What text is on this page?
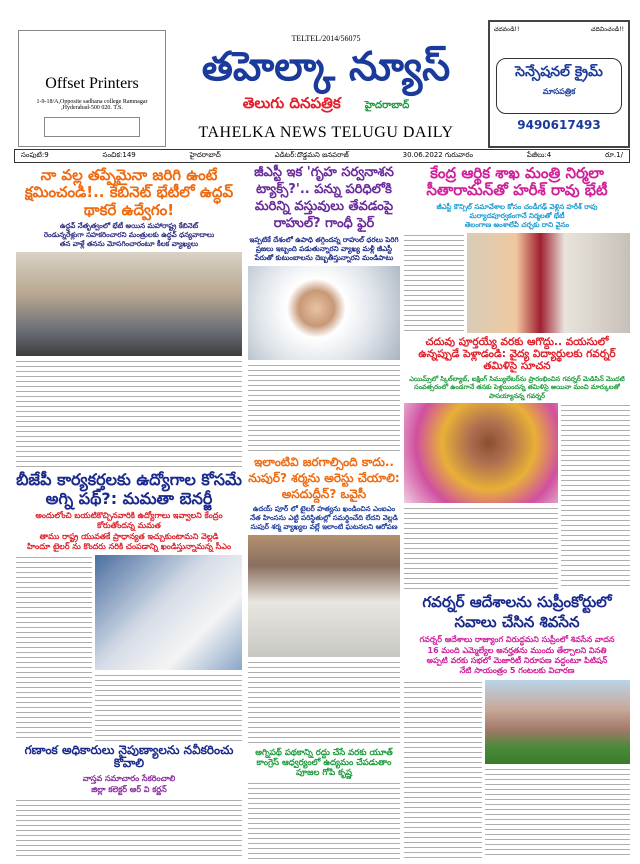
Offset Printers
1-9-18/A,Opposite sadhana college Ramnagar
,Hyderabad-500 020. T.S.
TELTEL/2014/56075
తహెల్కా న్యూస్
తెలుగు దినపత్రిక హైదరాబాద్
TAHELKA NEWS TELUGU DAILY
చదవండి!!	చదివించండి!!
సెన్సేషనల్ క్రైమ్
మాసపత్రిక
9490617493
సంపుటి:9	సంచిక:149	హైదరాబాద్	ఎడిటర్:దొడ్డమని జనపరాజ్	30.06.2022 గురువారం	పేజీలు:4	రూ.1/
నా వల్ల తప్పేమైనా జరిగి ఉంటే క్షమించండి!.. కేబినెట్ భేటీలో ఉద్ధవ్ థాకరే ఉద్వేగం!
ఉద్ధవ్ నేతృత్వంలో భేటీ అయిన మహారాష్ట్ర కేబినెట్
రెండున్నరేళ్లుగా సహకరించారని మంత్రులకు ఉద్ధవ్ ధన్యవాదాలు
తన వాళ్లే తనను మోసగించారంటూ కీలక వ్యాఖ్యలు
బీజేపీ కార్యకర్తలకు ఉద్యోగాల కోసమే అగ్ని పథ్?: మమతా బెనర్జీ
అందులోంచి బయటికొచ్చినవారికి ఉద్యోగాలు ఇవ్వాలని కేంద్రం కోరుతోందన్న మమత
తాము రాష్ట్ర యువతకే ప్రాధాన్యత ఇచ్చుకుంటామని వెల్లడి
హిందూ టైలర్ ను కొందరు నరికి చంపడాన్ని ఖండిస్తున్నామన్న సీఎం
గణాంక అధికారులు నైపుణ్యాలను నవీకరించు కోవాలి
వాస్తవ సమాచారం సేకరించాలి
జిల్లా కలెక్టర్ ఆర్ వి కర్ణన్
జీఎస్టీ ఇక 'గృహ సర్వనాశన ట్యాక్స్?'.. పన్ను పరిధిలోకి మరిన్ని వస్తువులు తేవడంపై రాహుల్? గాంధీ ఫైర్
ఇప్పటికే దేశంలో ఉపాధి తగ్గిందన్న రాహుల్ ధరలు పెరిగి ప్రజలు ఇబ్బంది పడుతున్నారని వ్యాఖ్య మళ్లీ జీఎస్టీ పేరుతో కుటుంబాలను దెబ్బతీస్తున్నారని మండిపాటు
ఇలాంటివి జరగాల్సింది కాదు.. నుపుర్? శర్మను అరెస్టు చేయాలి: అసదుద్దీన్? ఒవైసీ
ఉదయ్ పూర్ లో టైలర్ హత్యను ఖండించిన ఎంఐఎం నేత హింసను ఎట్టి పరిస్థితుల్లో సమర్థించేది లేదని వెల్లడి నుపుర్ శర్మ వ్యాఖ్యల వల్లే ఇలాంటి ఘటనలని ఆరోపణ
అగ్నిపథ్ పథకాన్ని రద్దు చేసే వరకు యూత్ కాంగ్రెస్ ఆధ్వర్యంలో ఉద్యమం చేపడుతాం పూజల గోపి కృష్ణ
కేంద్ర ఆర్థిక శాఖ మంత్రి నిర్మలా సీతారామన్‌తో హరీశ్ రావు భేటీ
జీఎస్టీ కౌన్సిల్ సమావేశాల కోసం చండీగఢ్ వెళ్లిన హరీశ్ రావు
మర్యాదపూర్వకంగానే నిర్మలతో భేటీ
తెలంగాణ అంశాలేవీ చర్చకు రాని వైనం
చదువు పూర్తయ్యే వరకు ఆగొద్దు.. వయసులో ఉన్నప్పుడే పెళ్లాడండి: వైద్య విద్యార్థులకు గవర్నర్ తమిళిసై సూచన
ఎయిమ్స్‌లో స్కిల్‌ల్యాబ్, ఐక్షింగ్ సిమ్యులేటర్‌ను ప్రారంభించిన గవర్నర్ మెడిసిన్ మొదటి సంవత్సరంలో ఉండగానే తనకు పెళ్లయిందన్న తమిళిసై అయినా మంచి మార్కులతో పాసయ్యానన్న గవర్నర్
గవర్నర్ ఆదేశాలను సుప్రీంకోర్టులో సవాలు చేసిన శివసేన
గవర్నర్ ఆదేశాలు రాజ్యాంగ విరుద్ధమని సుప్రీంలో శివసేన వాదన
16 మంది ఎమ్మెల్యేల అనర్హతను ముందు తేల్చాలని వినతి
అప్పటి వరకు సభలో మెజారిటీ నిరూపణ వద్దంటూ పిటిషన్
నేటి సాయంత్రం 5 గంటలకు విచారణ
